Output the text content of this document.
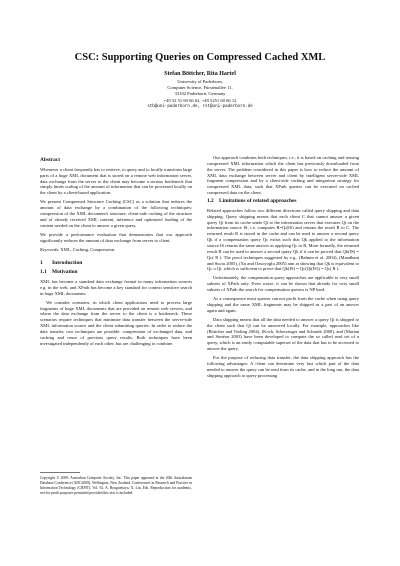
CSC: Supporting Queries on Compressed Cached XML
Stefan Böttcher, Rita Hartel
University of Paderborn,
Computer Science, Fürstenallee 11,
33102 Paderborn, Germany
+49 52 51 60 66 62, +49 5251 60 66 12
stb@uni-paderborn.de, rst@uni-paderborn.de
Abstract

Whenever a client frequently has to retrieve, to query and to locally transform large parts of a huge XML document that is stored on a remote web information server, data exchange from the server to the client may become a serious bottleneck that simply limits scaling of the amount of information that can be processed locally on the client by a client-based application.

We present Compressed Structure Caching (CSC) as a solution that reduces the amount of data exchange by a combination of the following techniques: compression of the XML document's structure, client-side caching of the structure and of already received XML content, inference and optimized loading of the content needed on the client to answer a given query.

We provide a performance evaluation that demonstrates that our approach significantly reduces the amount of data exchange from server to client.

Keywords: XML, Caching, Compression.

1 Introduction
1.1 Motivation

XML has become a standard data exchange format in many information sources e.g. in the web, and XPath has become a key standard for context sensitive search in huge XML documents.

We consider scenarios, in which client applications need to process large fragments of huge XML documents that are provided on remote web servers, and where the data exchange from the server to the client is a bottleneck. These scenarios require techniques that minimize data transfer between the server-side XML information source and the client submitting queries. In order to reduce the data transfer, two techniques are possible: compression of exchanged data, and caching and reuse of previous query results. Both techniques have been investigated independently of each other, but are challenging to combine.

Copyright © 2009, Australian Computer Society, Inc. This paper appeared at the 20th Australasian Database Conference (ADC2009), Wellington, New Zealand. Conferences in Research and Practice in Information Technology (CRPIT), Vol. 92. A. Bouguettaya, X. Lin, Eds. Reproduction for academic, not-for profit purposes permitted provided this text is included.

Our approach combines both techniques, i.e., it is based on caching and reusing compressed XML information which the client has previously downloaded from the server. The problem considered in this paper is how to reduce the amount of XML data exchange between server and client by intelligent server-side XML fragment compression and by a client-side caching and integration strategy for compressed XML data, such that XPath queries can be executed on cached compressed data on the client.

1.2 Limitations of related approaches

Related approaches follow two different directions called query shipping and data shipping. Query shipping means that each client C that cannot answer a given query Qi from its cache sends Qi to the information server that executes Qi on the information source IS, i.e. computes R=Qi(IS) and returns the result R to C. The returned result R is stored in the cache and can be used to answer a second query Qk if a compensation query Qc exists such that Qk applied to the information source IS returns the same answer as applying Qc to R. More formally, the returned result R can be used to answer a second query Qk if it can be proved that Qk(IS) = Qc( R ). The proof techniques suggested by e.g., (Balmin et al. 2004), (Mandhani and Suciu 2005), (Xu and Ozsoyoglu 2005) aim at showing that Qk is equivalent to Qc o Qi, which is sufficient to prove that Qk(IS) = Qc(Qi(IS)) = Qc( R ).

Unfortunately, the compensation query approaches are applicable to very small subsets of XPath only. Even worse, it can be shown that already for very small subsets of XPath the search for compensation queries is NP hard.

As a consequence most queries can not profit from the cache when using query shipping and the same XML fragments may be shipped as a part of an answer again and again.

Data shipping means that all the data needed to answer a query Qi is shipped to the client such that Qi can be answered locally. For example, approaches like (Böttcher and Türling 2004), (Koch, Scherzinger and Schmidt 2008), and (Marian and Siméon 2003) have been developed to compute the so called read set of a query, which is an easily computable superset of the data that has to be accessed to answer the query.

For the purpose of reducing data transfer, the data shipping approach has the following advantages: A client can determine very fast which part of the data needed to answer the query can be read from its cache, and in the long run, the data shipping approach to query processing
